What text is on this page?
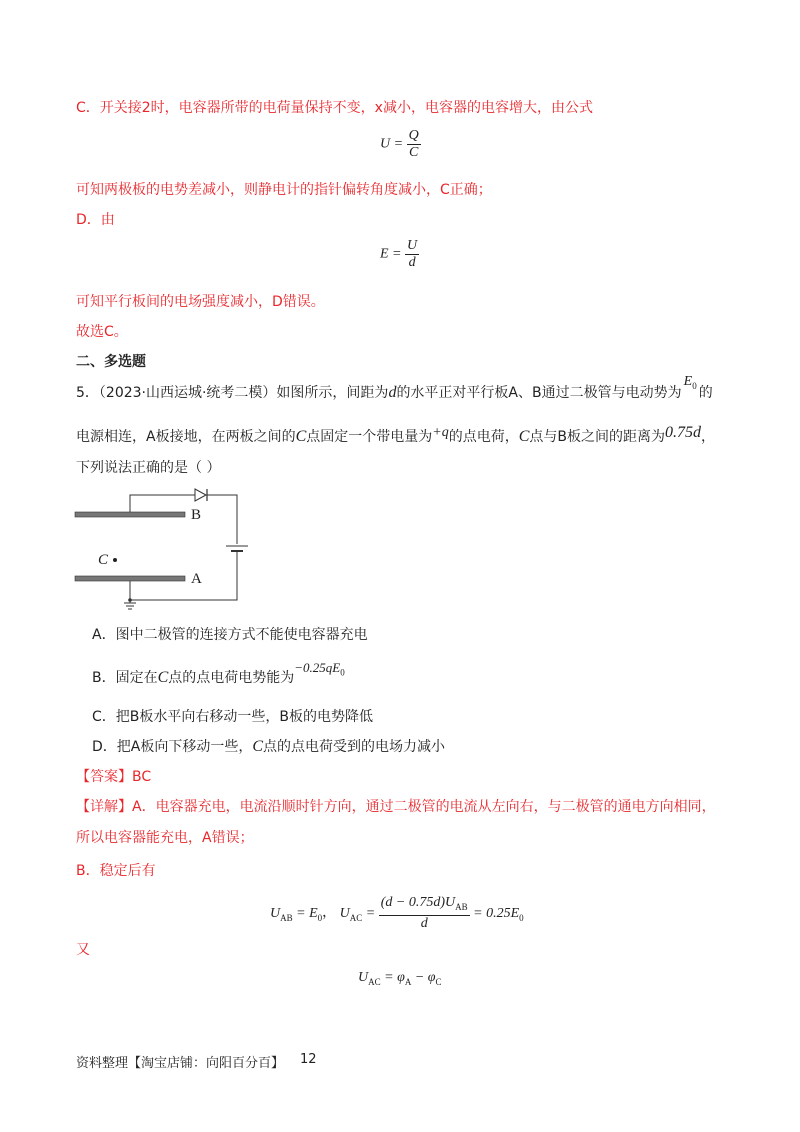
C．开关接2时，电容器所带的电荷量保持不变，x减小，电容器的电容增大，由公式
$U = \frac{Q}{C}$
可知两极板的电势差减小，则静电计的指针偏转角度减小，C正确；
D．由
$E = \frac{U}{d}$
可知平行板间的电场强度减小，D错误。
故选C。
二、多选题
5．（2023·山西运城·统考二模）如图所示，间距为d的水平正对平行板A、B通过二极管与电动势为$E_0$ 的
电源相连，A板接地，在两板之间的C点固定一个带电量为+q的点电荷，C点与B板之间的距离为0.75d，
下列说法正确的是（ ）
C
B
A
A．图中二极管的连接方式不能使电容器充电
B．固定在C点的点电荷电势能为$-0.25qE_0$
C．把B板水平向右移动一些，B板的电势降低
D．把A板向下移动一些，C点的点电荷受到的电场力减小
【答案】BC
【详解】A．电容器充电，电流沿顺时针方向，通过二极管的电流从左向右，与二极管的通电方向相同，
所以电容器能充电，A错误；
B．稳定后有
$U_{AB} = E_0$， $U_{AC} = \frac{(d - 0.75d)U_{AB}}{d} = 0.25E_0$
又
$U_{AC} = \varphi_A - \varphi_C$
资料整理【淘宝店铺：向阳百分百】 12
